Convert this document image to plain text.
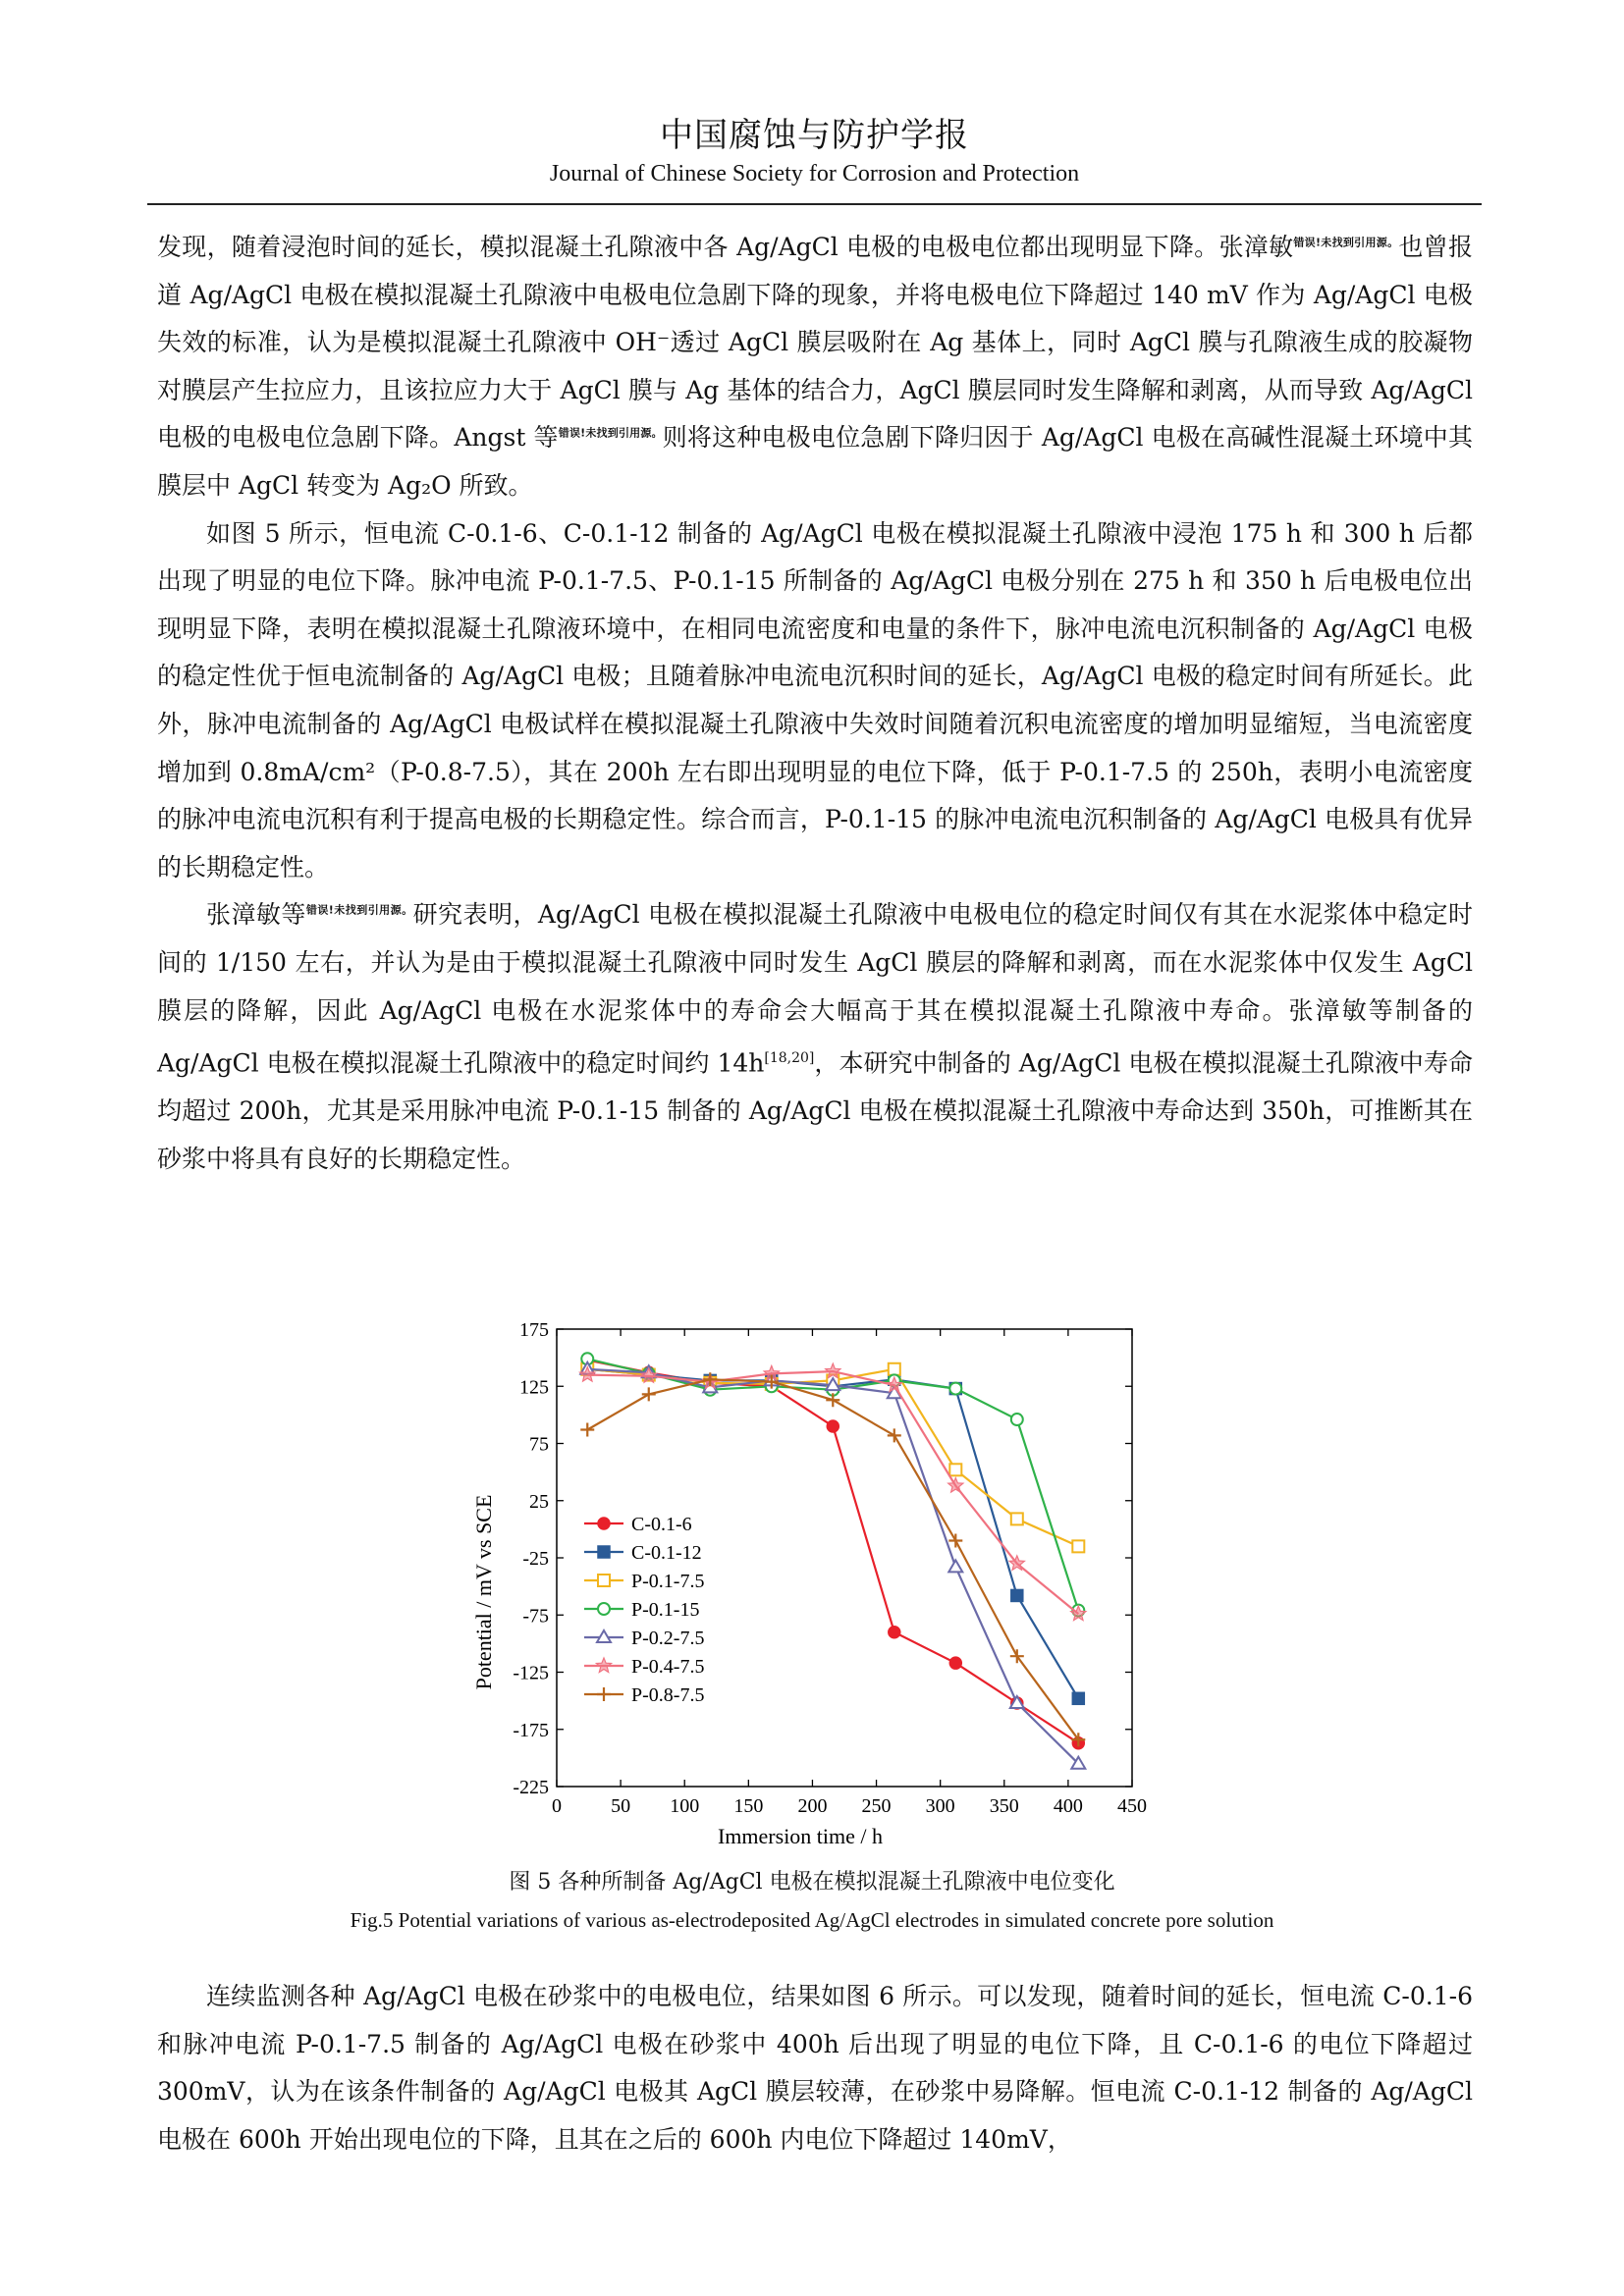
中国腐蚀与防护学报
Journal of Chinese Society for Corrosion and Protection

发现，随着浸泡时间的延长，模拟混凝土孔隙液中各 Ag/AgCl 电极的电极电位都出现明显下降。张漳敏$^{错误!未找到引用源。}$也曾报道 Ag/AgCl 电极在模拟混凝土孔隙液中电极电位急剧下降的现象，并将电极电位下降超过 140 mV 作为 Ag/AgCl 电极失效的标准，认为是模拟混凝土孔隙液中 OH⁻透过 AgCl 膜层吸附在 Ag 基体上，同时 AgCl 膜与孔隙液生成的胶凝物对膜层产生拉应力，且该拉应力大于 AgCl 膜与 Ag 基体的结合力，AgCl 膜层同时发生降解和剥离，从而导致 Ag/AgCl 电极的电极电位急剧下降。Angst 等$^{错误!未找到引用源。}$则将这种电极电位急剧下降归因于 Ag/AgCl 电极在高碱性混凝土环境中其膜层中 AgCl 转变为 Ag₂O 所致。

如图 5 所示，恒电流 C-0.1-6、C-0.1-12 制备的 Ag/AgCl 电极在模拟混凝土孔隙液中浸泡 175 h 和 300 h 后都出现了明显的电位下降。脉冲电流 P-0.1-7.5、P-0.1-15 所制备的 Ag/AgCl 电极分别在 275 h 和 350 h 后电极电位出现明显下降，表明在模拟混凝土孔隙液环境中，在相同电流密度和电量的条件下，脉冲电流电沉积制备的 Ag/AgCl 电极的稳定性优于恒电流制备的 Ag/AgCl 电极；且随着脉冲电流电沉积时间的延长，Ag/AgCl 电极的稳定时间有所延长。此外，脉冲电流制备的 Ag/AgCl 电极试样在模拟混凝土孔隙液中失效时间随着沉积电流密度的增加明显缩短，当电流密度增加到 0.8mA/cm²（P-0.8-7.5），其在 200h 左右即出现明显的电位下降，低于 P-0.1-7.5 的 250h，表明小电流密度的脉冲电流电沉积有利于提高电极的长期稳定性。综合而言，P-0.1-15 的脉冲电流电沉积制备的 Ag/AgCl 电极具有优异的长期稳定性。

张漳敏等$^{错误!未找到引用源。}$研究表明，Ag/AgCl 电极在模拟混凝土孔隙液中电极电位的稳定时间仅有其在水泥浆体中稳定时间的 1/150 左右，并认为是由于模拟混凝土孔隙液中同时发生 AgCl 膜层的降解和剥离，而在水泥浆体中仅发生 AgCl 膜层的降解，因此 Ag/AgCl 电极在水泥浆体中的寿命会大幅高于其在模拟混凝土孔隙液中寿命。张漳敏等制备的 Ag/AgCl 电极在模拟混凝土孔隙液中的稳定时间约 14h[18,20]，本研究中制备的 Ag/AgCl 电极在模拟混凝土孔隙液中寿命均超过 200h，尤其是采用脉冲电流 P-0.1-15 制备的 Ag/AgCl 电极在模拟混凝土孔隙液中寿命达到 350h，可推断其在砂浆中将具有良好的长期稳定性。

0	50 100 150 200 250 300 350 400 450
175
125
75
25
-25
-75
-125
-175
-225
C-0.1-6
C-0.1-12
P-0.1-7.5
P-0.1-15
P-0.2-7.5
P-0.4-7.5
P-0.8-7.5
Immersion time / h
Potential / mV vs SCE
图 5 各种所制备 Ag/AgCl 电极在模拟混凝土孔隙液中电位变化
Fig.5 Potential variations of various as-electrodeposited Ag/AgCl electrodes in simulated concrete pore solution

连续监测各种 Ag/AgCl 电极在砂浆中的电极电位，结果如图 6 所示。可以发现，随着时间的延长，恒电流 C-0.1-6 和脉冲电流 P-0.1-7.5 制备的 Ag/AgCl 电极在砂浆中 400h 后出现了明显的电位下降，且 C-0.1-6 的电位下降超过 300mV，认为在该条件制备的 Ag/AgCl 电极其 AgCl 膜层较薄，在砂浆中易降解。恒电流 C-0.1-12 制备的 Ag/AgCl 电极在 600h 开始出现电位的下降，且其在之后的 600h 内电位下降超过 140mV，
